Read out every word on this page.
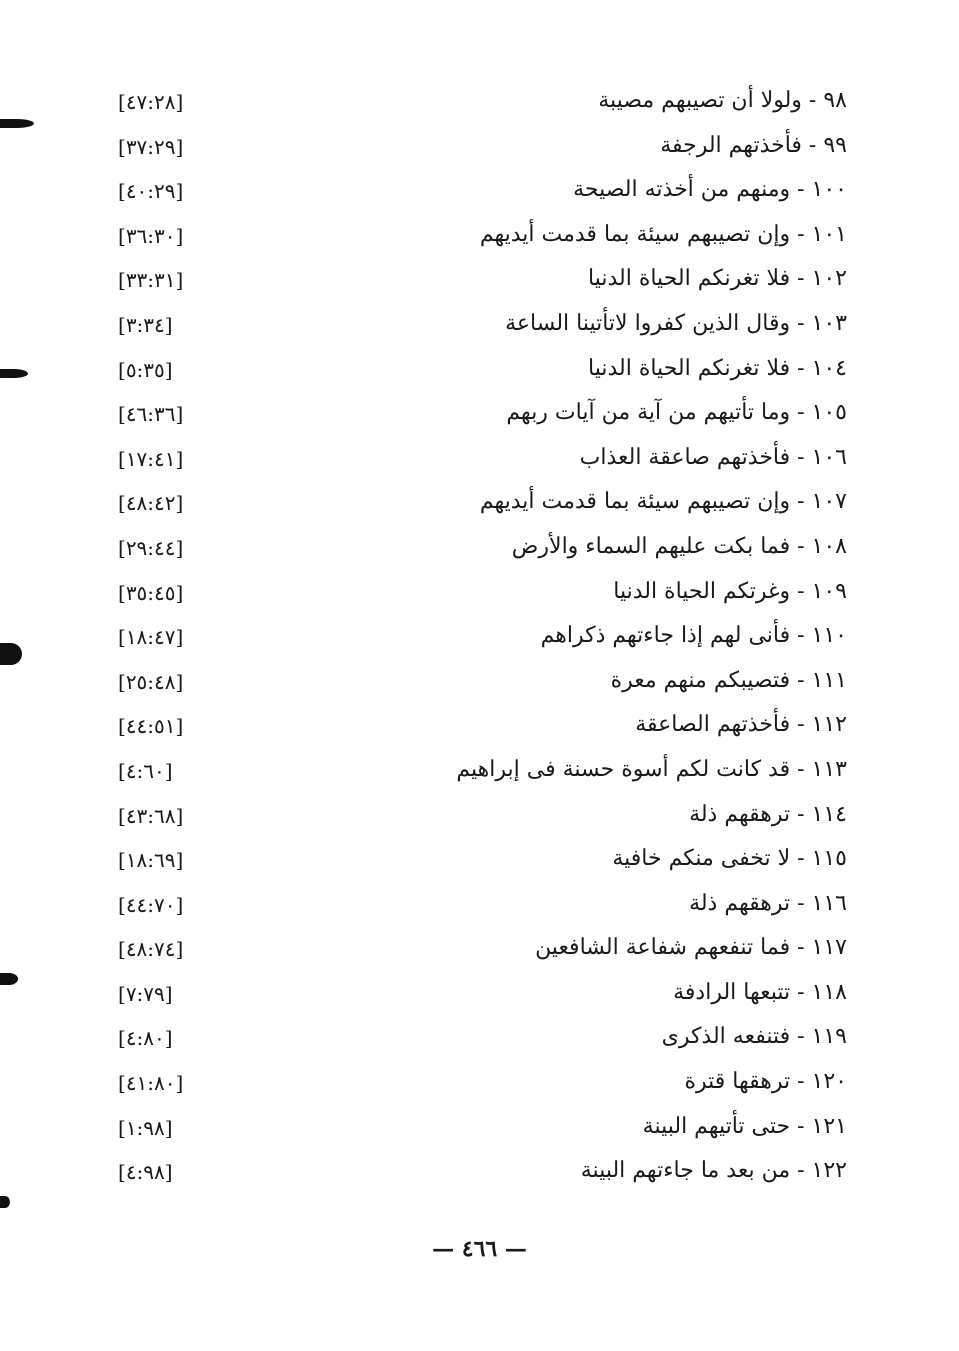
٩٨ - ولولا أن تصيبهم مصيبة
[٤٧:٢٨]
٩٩ - فأخذتهم الرجفة
[٣٧:٢٩]
١٠٠ - ومنهم من أخذته الصيحة
[٤٠:٢٩]
١٠١ - وإن تصيبهم سيئة بما قدمت أيديهم
[٣٦:٣٠]
١٠٢ - فلا تغرنكم الحياة الدنيا
[٣٣:٣١]
١٠٣ - وقال الذين كفروا لاتأتينا الساعة
[٣:٣٤]
١٠٤ - فلا تغرنكم الحياة الدنيا
[٥:٣٥]
١٠٥ - وما تأتيهم من آية من آيات ربهم
[٤٦:٣٦]
١٠٦ - فأخذتهم صاعقة العذاب
[١٧:٤١]
١٠٧ - وإن تصيبهم سيئة بما قدمت أيديهم
[٤٨:٤٢]
١٠٨ - فما بكت عليهم السماء والأرض
[٢٩:٤٤]
١٠٩ - وغرتكم الحياة الدنيا
[٣٥:٤٥]
١١٠ - فأنى لهم إذا جاءتهم ذكراهم
[١٨:٤٧]
١١١ - فتصيبكم منهم معرة
[٢٥:٤٨]
١١٢ - فأخذتهم الصاعقة
[٤٤:٥١]
١١٣ - قد كانت لكم أسوة حسنة فى إبراهيم
[٤:٦٠]
١١٤ - ترهقهم ذلة
[٤٣:٦٨]
١١٥ - لا تخفى منكم خافية
[١٨:٦٩]
١١٦ - ترهقهم ذلة
[٤٤:٧٠]
١١٧ - فما تنفعهم شفاعة الشافعين
[٤٨:٧٤]
١١٨ - تتبعها الرادفة
[٧:٧٩]
١١٩ - فتنفعه الذكرى
[٤:٨٠]
١٢٠ - ترهقها قترة
[٤١:٨٠]
١٢١ - حتى تأتيهم البينة
[١:٩٨]
١٢٢ - من بعد ما جاءتهم البينة
[٤:٩٨]
— ٤٦٦ —
